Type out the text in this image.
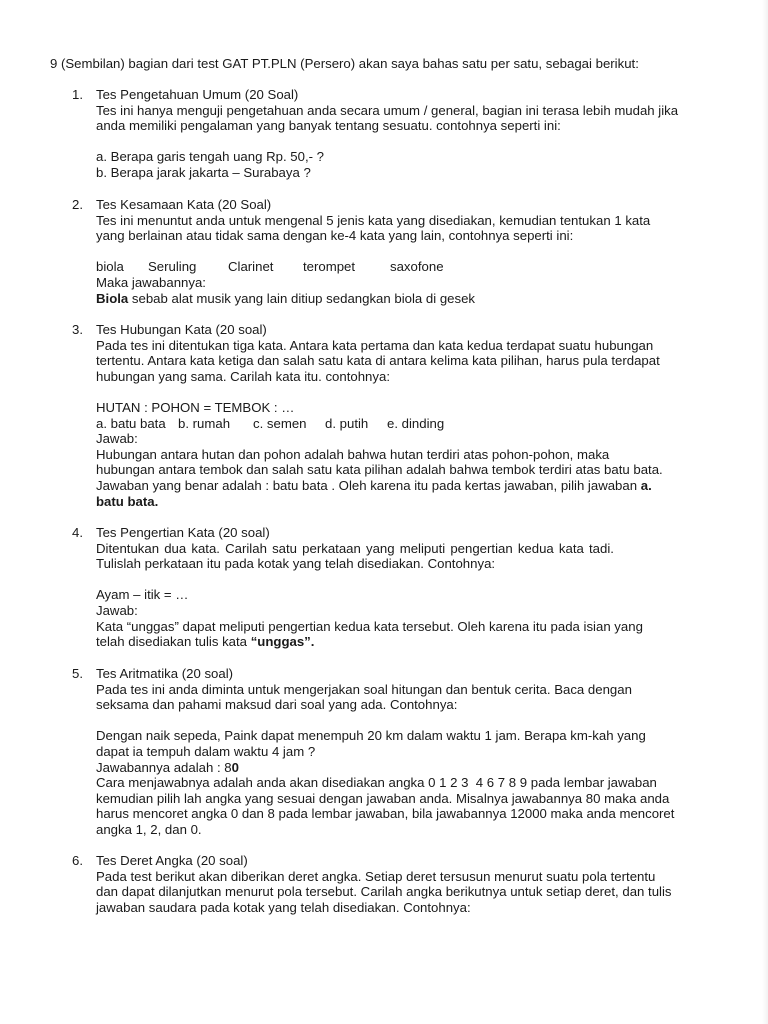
9 (Sembilan) bagian dari test GAT PT.PLN (Persero) akan saya bahas satu per satu, sebagai berikut:
1. Tes Pengetahuan Umum (20 Soal)
Tes ini hanya menguji pengetahuan anda secara umum / general, bagian ini terasa lebih mudah jika
anda memiliki pengalaman yang banyak tentang sesuatu. contohnya seperti ini:
a. Berapa garis tengah uang Rp. 50,- ?
b. Berapa jarak jakarta – Surabaya ?
2. Tes Kesamaan Kata (20 Soal)
Tes ini menuntut anda untuk mengenal 5 jenis kata yang disediakan, kemudian tentukan 1 kata
yang berlainan atau tidak sama dengan ke-4 kata yang lain, contohnya seperti ini:
biola	Seruling	Clarinet	terompet	saxofone
Maka jawabannya:
Biola sebab alat musik yang lain ditiup sedangkan biola di gesek
3. Tes Hubungan Kata (20 soal)
Pada tes ini ditentukan tiga kata. Antara kata pertama dan kata kedua terdapat suatu hubungan
tertentu. Antara kata ketiga dan salah satu kata di antara kelima kata pilihan, harus pula terdapat
hubungan yang sama. Carilah kata itu. contohnya:
HUTAN : POHON = TEMBOK : …
a. batu bata b. rumah	c. semen	d. putih	e. dinding
Jawab:
Hubungan antara hutan dan pohon adalah bahwa hutan terdiri atas pohon-pohon, maka
hubungan antara tembok dan salah satu kata pilihan adalah bahwa tembok terdiri atas batu bata.
Jawaban yang benar adalah : batu bata . Oleh karena itu pada kertas jawaban, pilih jawaban a.
batu bata.
4. Tes Pengertian Kata (20 soal)
Ditentukan dua kata. Carilah satu perkataan yang meliputi pengertian kedua kata tadi.
Tulislah perkataan itu pada kotak yang telah disediakan. Contohnya:
Ayam – itik = …
Jawab:
Kata “unggas” dapat meliputi pengertian kedua kata tersebut. Oleh karena itu pada isian yang
telah disediakan tulis kata “unggas”.
5. Tes Aritmatika (20 soal)
Pada tes ini anda diminta untuk mengerjakan soal hitungan dan bentuk cerita. Baca dengan
seksama dan pahami maksud dari soal yang ada. Contohnya:
Dengan naik sepeda, Paink dapat menempuh 20 km dalam waktu 1 jam. Berapa km-kah yang
dapat ia tempuh dalam waktu 4 jam ?
Jawabannya adalah : 80
Cara menjawabnya adalah anda akan disediakan angka 0 1 2 3  4 6 7 8 9 pada lembar jawaban
kemudian pilih lah angka yang sesuai dengan jawaban anda. Misalnya jawabannya 80 maka anda
harus mencoret angka 0 dan 8 pada lembar jawaban, bila jawabannya 12000 maka anda mencoret
angka 1, 2, dan 0.
6. Tes Deret Angka (20 soal)
Pada test berikut akan diberikan deret angka. Setiap deret tersusun menurut suatu pola tertentu
dan dapat dilanjutkan menurut pola tersebut. Carilah angka berikutnya untuk setiap deret, dan tulis
jawaban saudara pada kotak yang telah disediakan. Contohnya:
